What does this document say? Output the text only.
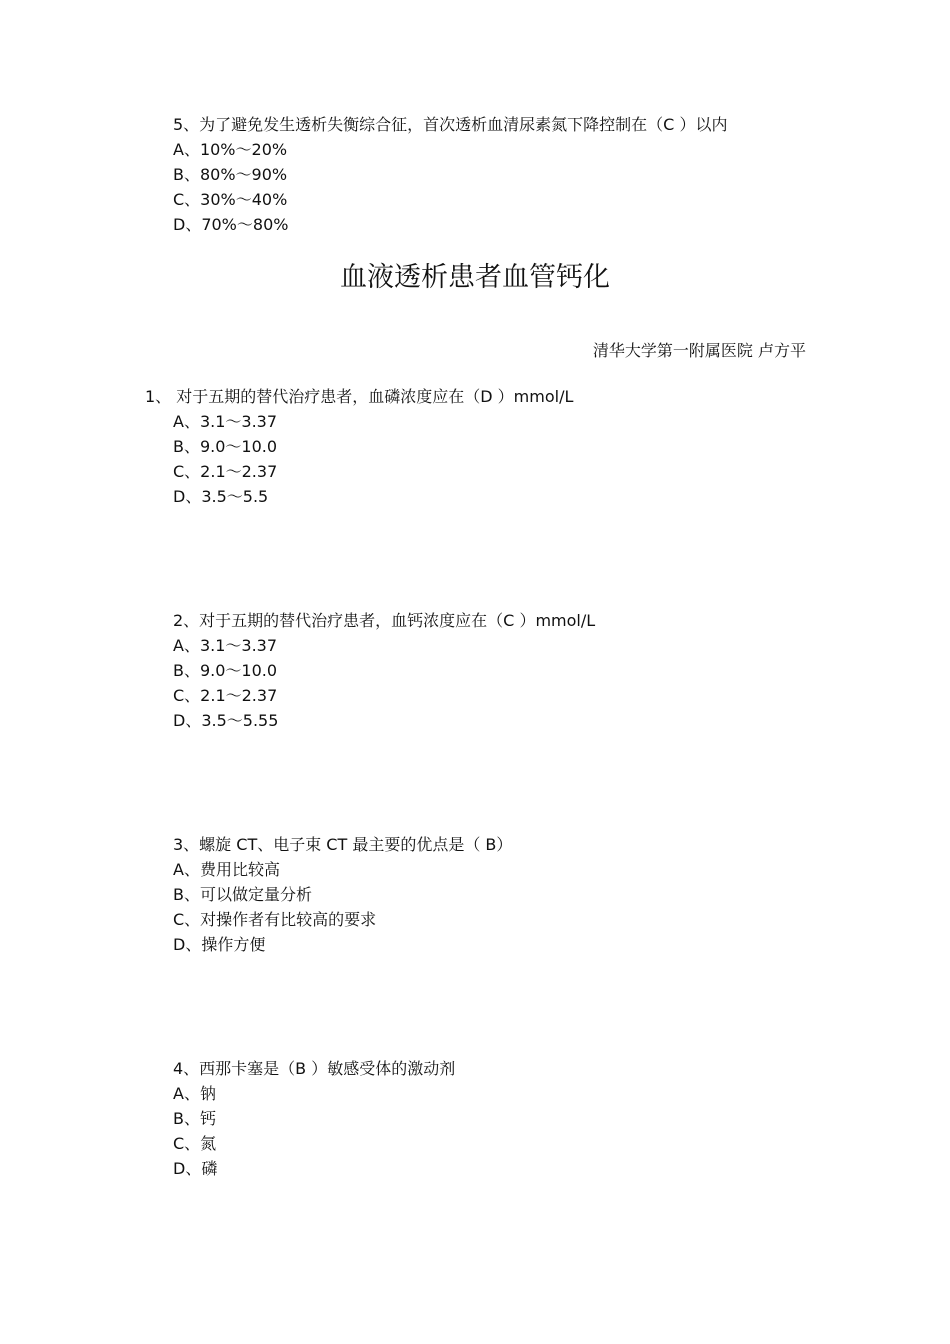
5、为了避免发生透析失衡综合征，首次透析血清尿素氮下降控制在（C ）以内
A、10%～20%
B、80%～90%
C、30%～40%
D、70%～80%
血液透析患者血管钙化
清华大学第一附属医院 卢方平
1、 对于五期的替代治疗患者，血磷浓度应在（D ）mmol/L
A、3.1～3.37
B、9.0～10.0
C、2.1～2.37
D、3.5～5.5
2、对于五期的替代治疗患者，血钙浓度应在（C ）mmol/L
A、3.1～3.37
B、9.0～10.0
C、2.1～2.37
D、3.5～5.55
3、螺旋 CT、电子束 CT 最主要的优点是（ B）
A、费用比较高
B、可以做定量分析
C、对操作者有比较高的要求
D、操作方便
4、西那卡塞是（B ）敏感受体的激动剂
A、钠
B、钙
C、氮
D、磷
